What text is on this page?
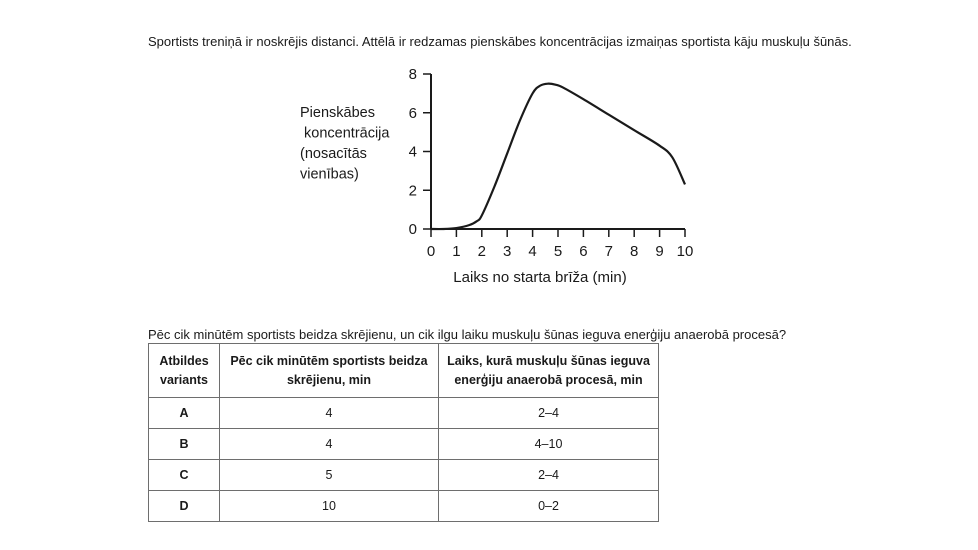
Sportists treniņā ir noskrējis distanci. Attēlā ir redzamas pienskābes koncentrācijas izmaiņas sportista kāju muskuļu šūnās.

Pienskābes
koncentrācija
(nosacītās
vienības)
0 1 2 3 4 5 6 7 8 9 10
0
2
4
6
8
Laiks no starta brīža (min)

Pēc cik minūtēm sportists beidza skrējienu, un cik ilgu laiku muskuļu šūnas ieguva enerģiju anaerobā procesā?

Atbildes variants	Pēc cik minūtēm sportists beidza skrējienu, min	Laiks, kurā muskuļu šūnas ieguva enerģiju anaerobā procesā, min
A	4	2–4
B	4	4–10
C	5	2–4
D	10	0–2
